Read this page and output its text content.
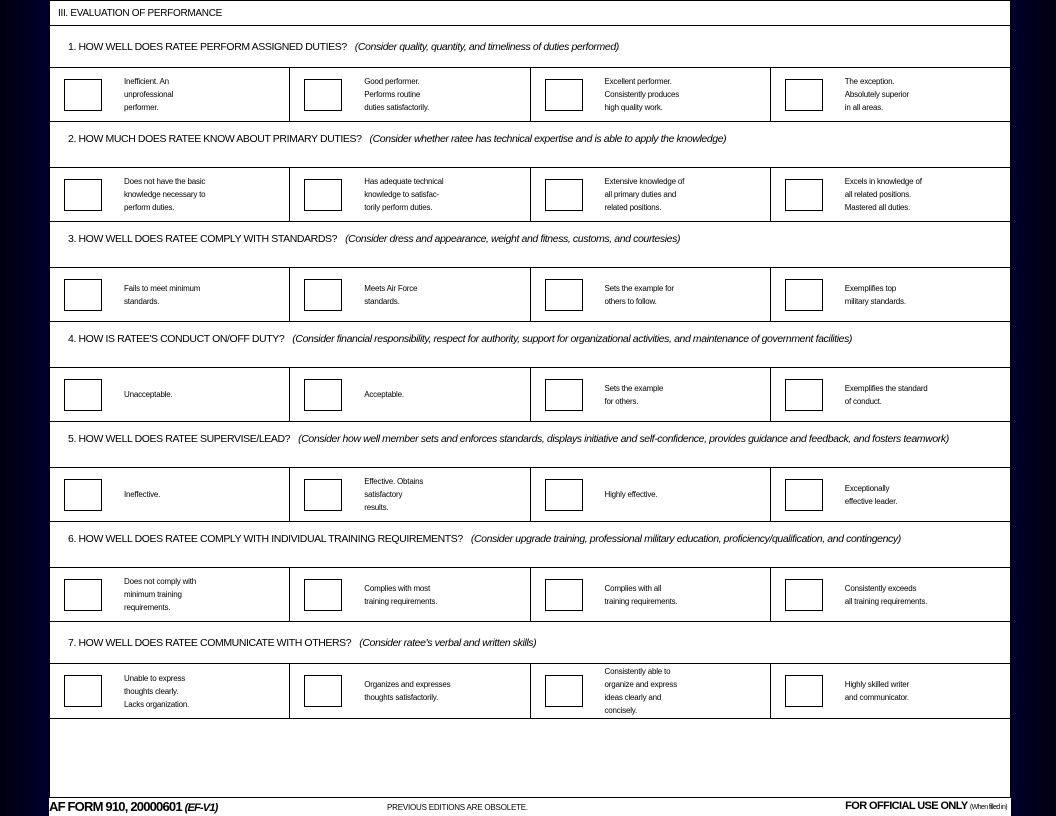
III. EVALUATION OF PERFORMANCE
1. HOW WELL DOES RATEE PERFORM ASSIGNED DUTIES? (Consider quality, quantity, and timeliness of duties performed)
Inefficient. An
unprofessional
performer.
Good performer.
Performs routine
duties satisfactorily.
Excellent performer.
Consistently produces
high quality work.
The exception.
Absolutely superior
in all areas.
2. HOW MUCH DOES RATEE KNOW ABOUT PRIMARY DUTIES? (Consider whether ratee has technical expertise and is able to apply the knowledge)
Does not have the basic
knowledge necessary to
perform duties.
Has adequate technical
knowledge to satisfac-
torily perform duties.
Extensive knowledge of
all primary duties and
related positions.
Excels in knowledge of
all related positions.
Mastered all duties.
3. HOW WELL DOES RATEE COMPLY WITH STANDARDS? (Consider dress and appearance, weight and fitness, customs, and courtesies)
Fails to meet minimum
standards.
Meets Air Force
standards.
Sets the example for
others to follow.
Exemplifies top
military standards.
4. HOW IS RATEE'S CONDUCT ON/OFF DUTY? (Consider financial responsibility, respect for authority, support for organizational activities, and maintenance of government facilities)
Unacceptable.	Acceptable.
Sets the example
for others.
Exemplifies the standard
of conduct.
5. HOW WELL DOES RATEE SUPERVISE/LEAD? (Consider how well member sets and enforces standards, displays initiative and self-confidence, provides guidance and feedback, and fosters teamwork)
Ineffective.
Effective. Obtains
satisfactory
results.
Highly effective.
Exceptionally
effective leader.
6. HOW WELL DOES RATEE COMPLY WITH INDIVIDUAL TRAINING REQUIREMENTS? (Consider upgrade training, professional military education, proficiency/qualification, and contingency)
Does not comply with
minimum training
requirements.
Complies with most
training requirements.
Complies with all
training requirements.
Consistently exceeds
all training requirements.
7. HOW WELL DOES RATEE COMMUNICATE WITH OTHERS? (Consider ratee's verbal and written skills)
Unable to express
thoughts clearly.
Lacks organization.
Organizes and expresses
thoughts satisfactorily.
Consistently able to
organize and express
ideas clearly and
concisely.
Highly skilled writer
and communicator.
AF FORM 910, 20000601 (EF-V1)	PREVIOUS EDITIONS ARE OBSOLETE.	FOR OFFICIAL USE ONLY (When filled in)
